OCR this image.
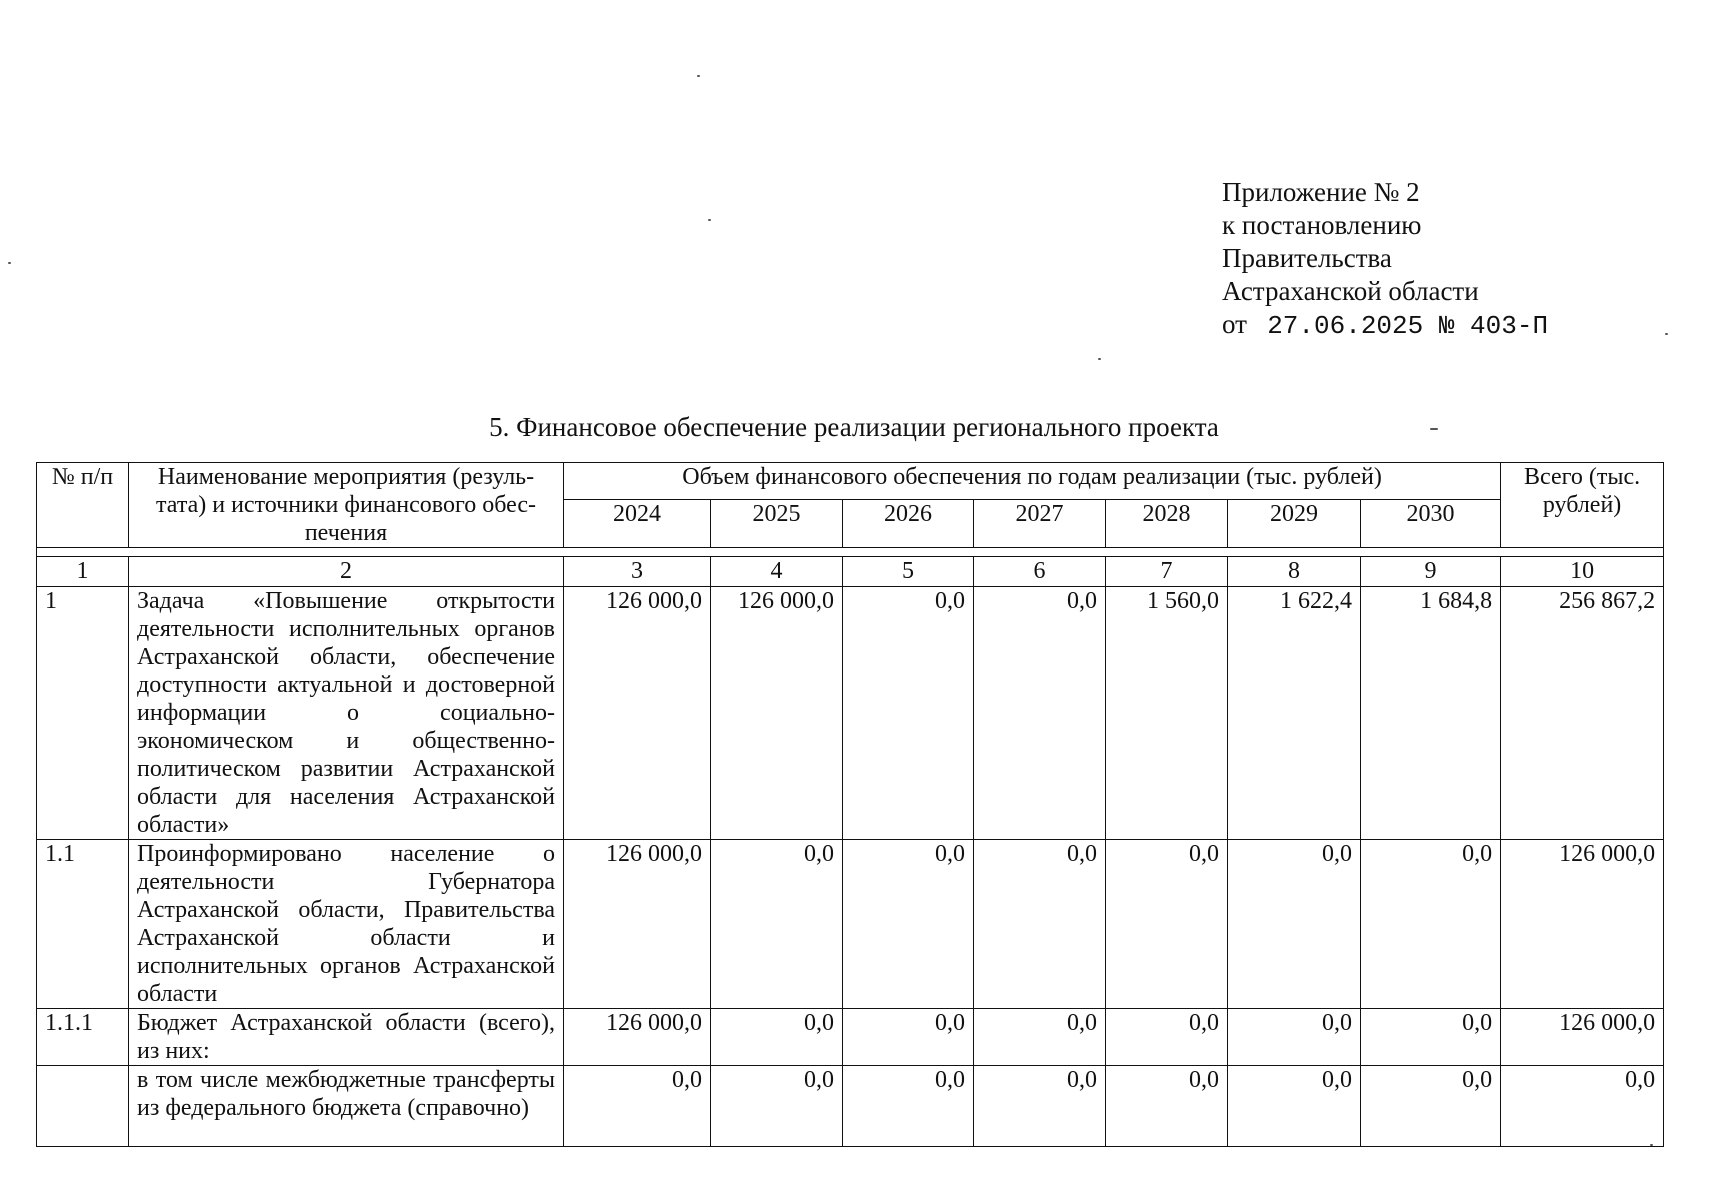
Приложение № 2
к постановлению
Правительства
Астраханской области
от 27.06.2025 № 403-П
5. Финансовое обеспечение реализации регионального проекта
№ п/п	Наименование мероприятия (резуль-тата) и источники финансового обес-печения	Объем финансового обеспечения по годам реализации (тыс. рублей)							Всего (тыс. рублей)
		2024	2025	2026	2027	2028	2029	2030	

1	2	3	4	5	6	7	8	9	10
1	Задача «Повышение открытости деятельности исполнительных органов Астраханской области, обеспечение доступности актуальной и достоверной информации о социально-экономическом и общественно-политическом развитии Астраханской области для населения Астраханской области»	126 000,0	126 000,0	0,0	0,0	1 560,0	1 622,4	1 684,8	256 867,2
1.1	Проинформировано население о деятельности Губернатора Астраханской области, Правительства Астраханской области и исполнительных органов Астраханской области	126 000,0	0,0	0,0	0,0	0,0	0,0	0,0	126 000,0
1.1.1	Бюджет Астраханской области (всего), из них:	126 000,0	0,0	0,0	0,0	0,0	0,0	0,0	126 000,0
	в том числе межбюджетные трансферты из федерального бюджета (справочно)	0,0	0,0	0,0	0,0	0,0	0,0	0,0	0,0
